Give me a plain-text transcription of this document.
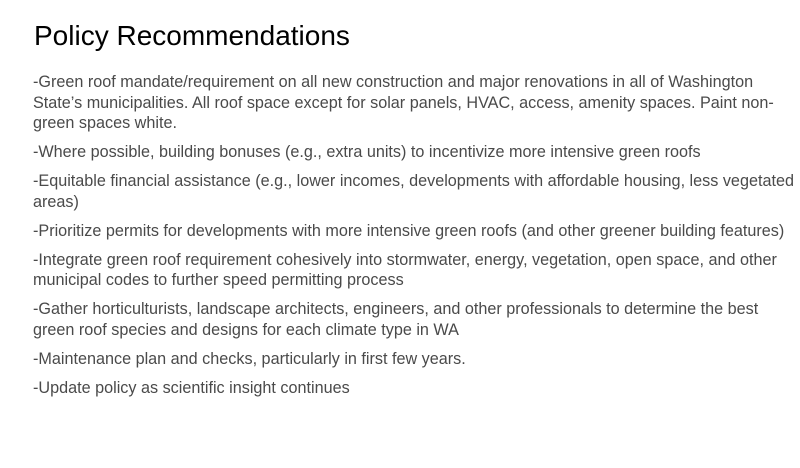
Policy Recommendations
-Green roof mandate/requirement on all new construction and major renovations in all of Washington State’s municipalities. All roof space except for solar panels, HVAC, access, amenity spaces. Paint non-green spaces white.
-Where possible, building bonuses (e.g., extra units) to incentivize more intensive green roofs
-Equitable financial assistance (e.g., lower incomes, developments with affordable housing, less vegetated areas)
-Prioritize permits for developments with more intensive green roofs (and other greener building features)
-Integrate green roof requirement cohesively into stormwater, energy, vegetation, open space, and other municipal codes to further speed permitting process
-Gather horticulturists, landscape architects, engineers, and other professionals to determine the best green roof species and designs for each climate type in WA
-Maintenance plan and checks, particularly in first few years.
-Update policy as scientific insight continues
